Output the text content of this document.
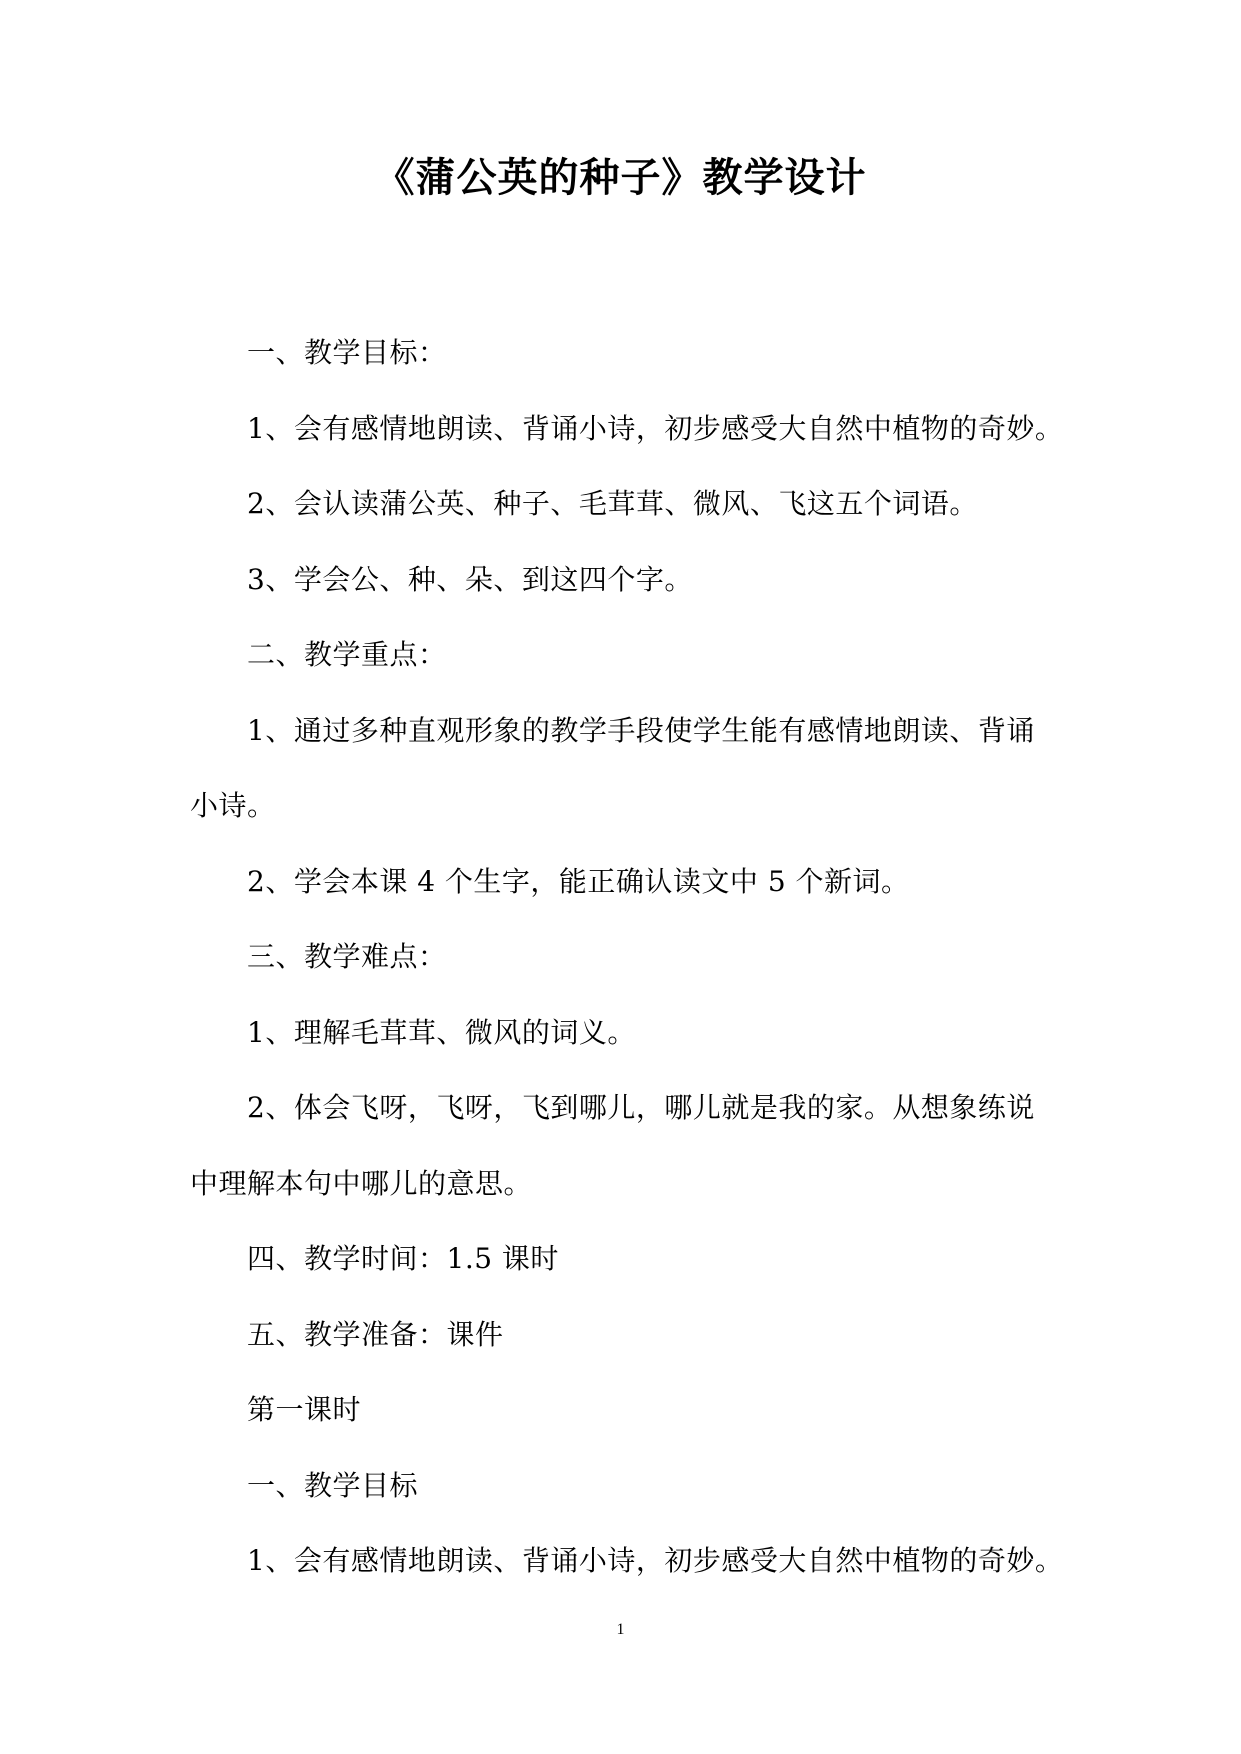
《蒲公英的种子》教学设计
一、教学目标：
1、会有感情地朗读、背诵小诗，初步感受大自然中植物的奇妙。
2、会认读蒲公英、种子、毛茸茸、微风、飞这五个词语。
3、学会公、种、朵、到这四个字。
二、教学重点：
1、通过多种直观形象的教学手段使学生能有感情地朗读、背诵
小诗。
2、学会本课 4 个生字，能正确认读文中 5 个新词。
三、教学难点：
1、理解毛茸茸、微风的词义。
2、体会飞呀，飞呀，飞到哪儿，哪儿就是我的家。从想象练说
中理解本句中哪儿的意思。
四、教学时间：1.5 课时
五、教学准备：课件
第一课时
一、教学目标
1、会有感情地朗读、背诵小诗，初步感受大自然中植物的奇妙。
1
